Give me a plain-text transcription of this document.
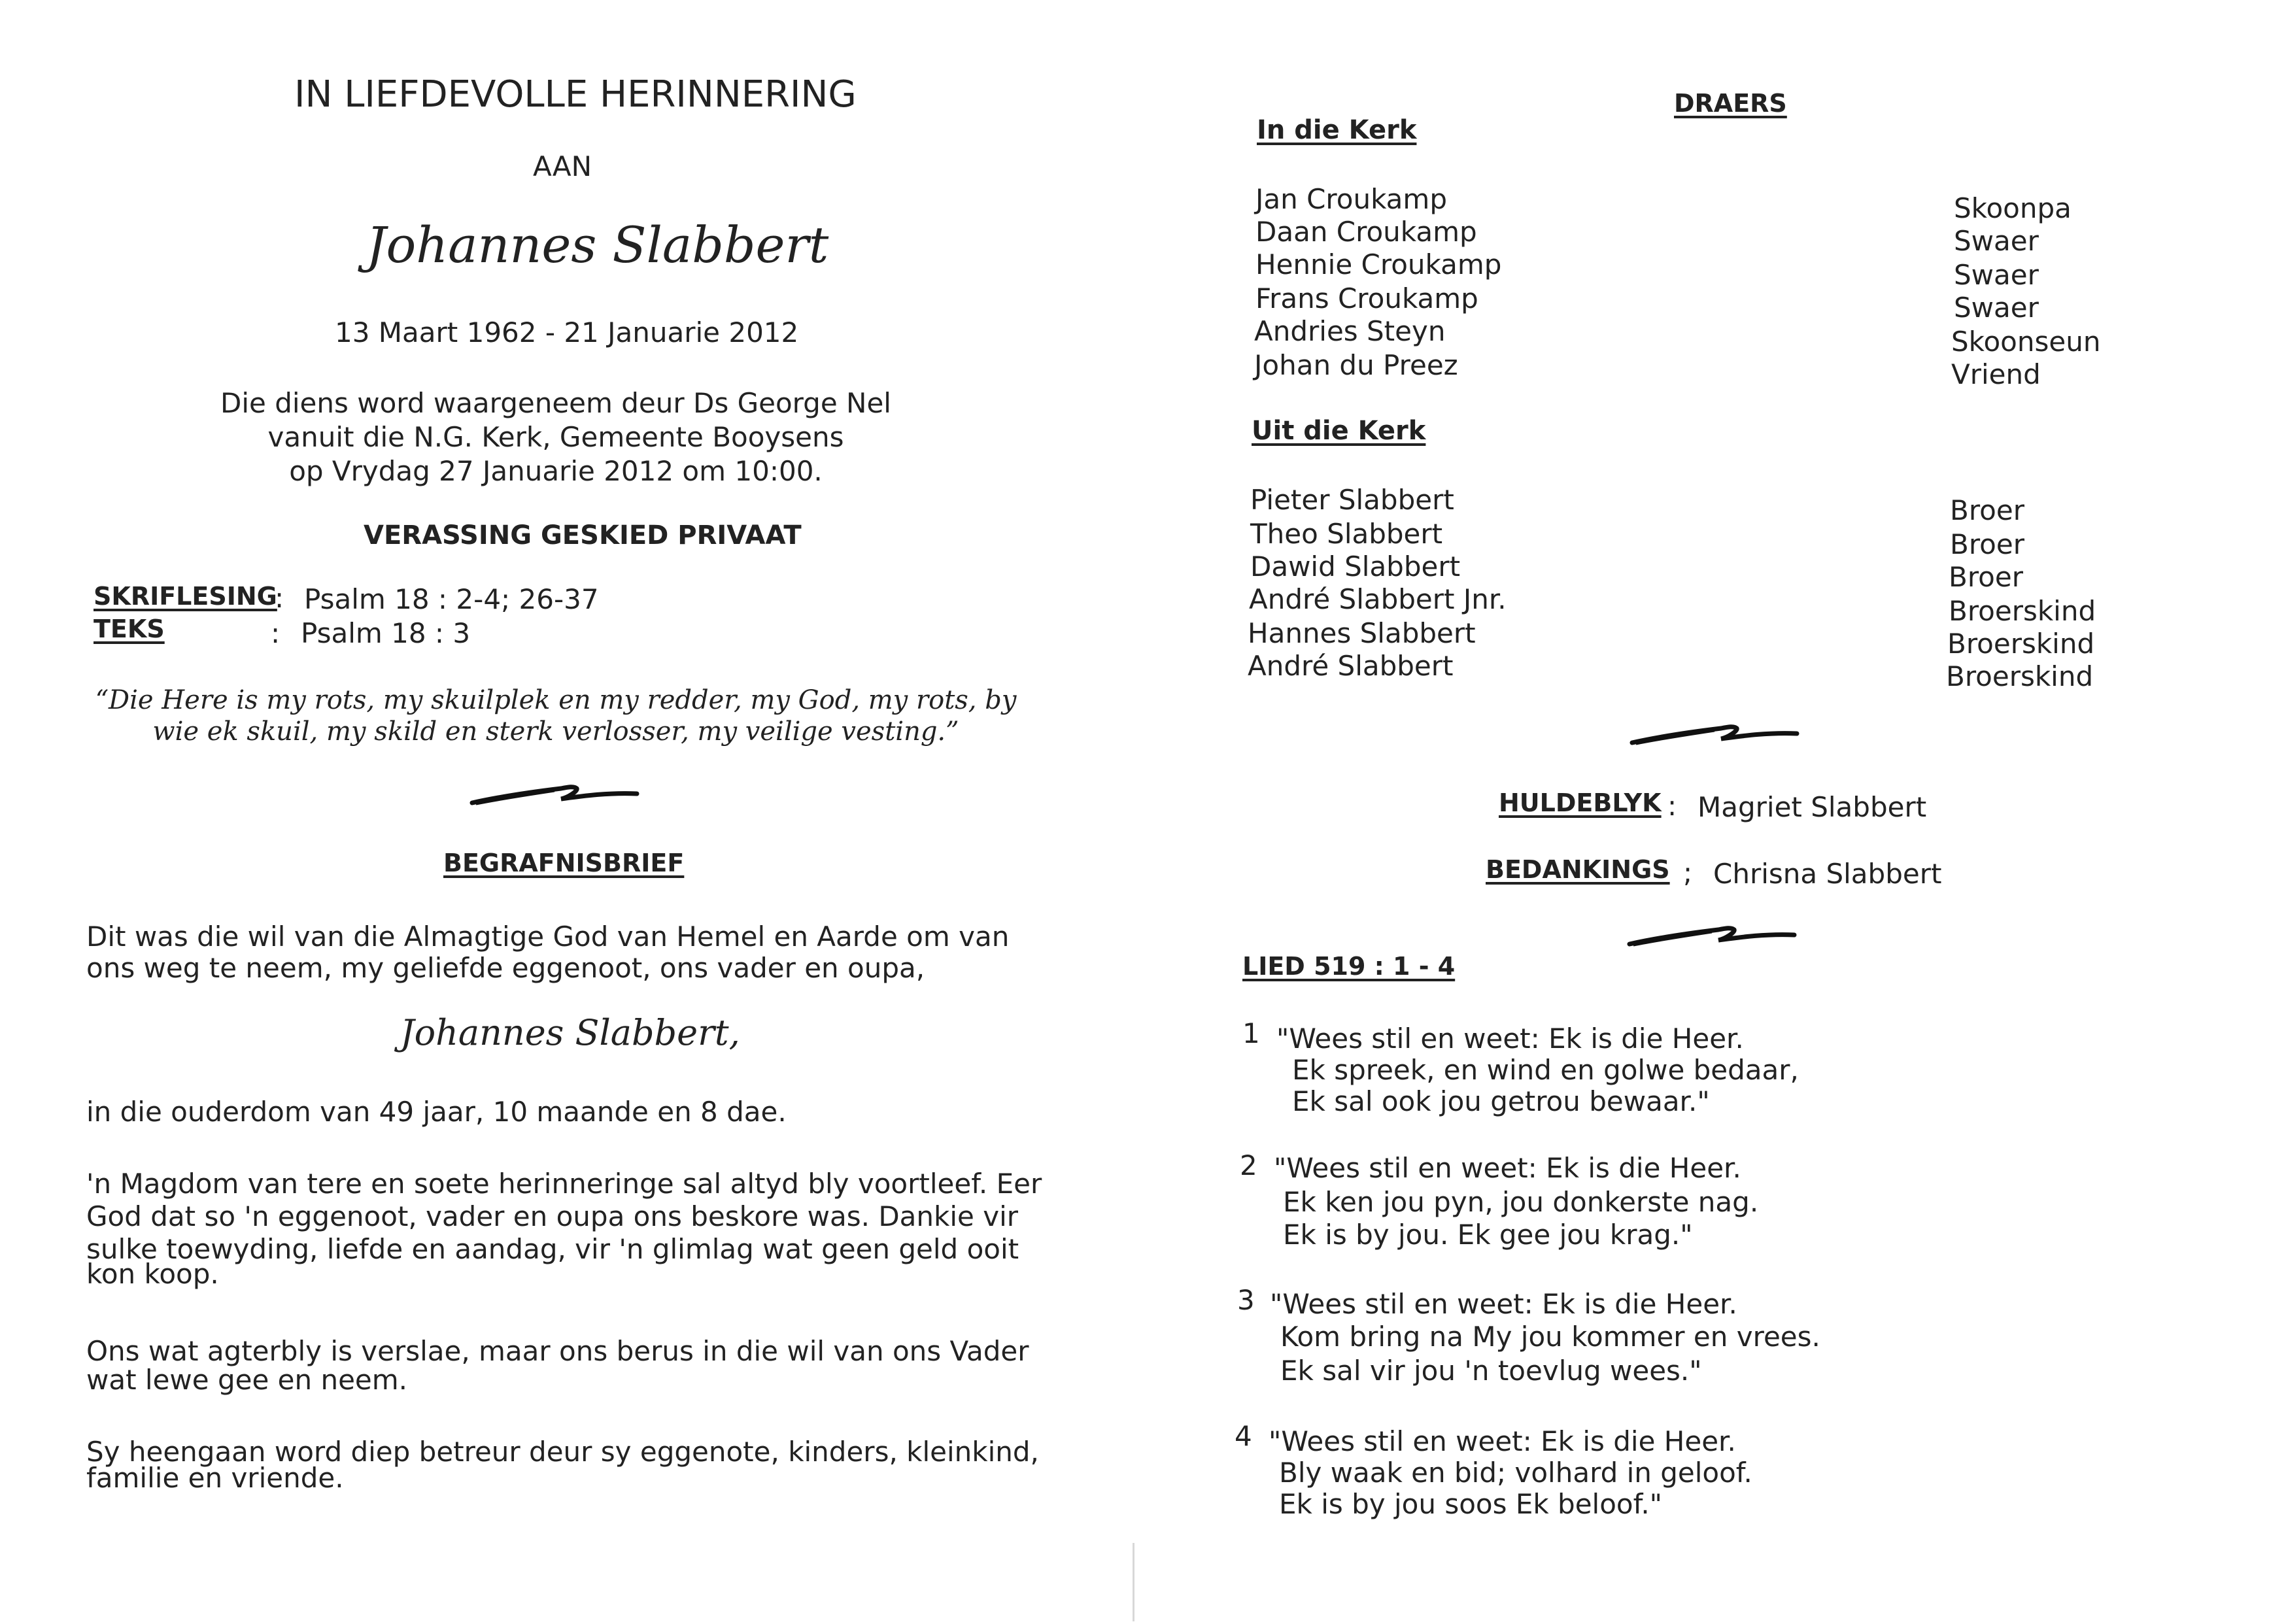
IN LIEFDEVOLLE HERINNERING
AAN
Johannes Slabbert
13 Maart 1962 - 21 Januarie 2012
Die diens word waargeneem deur Ds George Nel
vanuit die N.G. Kerk, Gemeente Booysens
op Vrydag 27 Januarie 2012 om 10:00.
VERASSING GESKIED PRIVAAT
SKRIFLESING
: Psalm 18 : 2-4; 26-37
TEKS	: Psalm 18 : 3
“Die Here is my rots, my skuilplek en my redder, my God, my rots, by
wie ek skuil, my skild en sterk verlosser, my veilige vesting.”
BEGRAFNISBRIEF
Dit was die wil van die Almagtige God van Hemel en Aarde om van
ons weg te neem, my geliefde eggenoot, ons vader en oupa,
Johannes Slabbert,
in die ouderdom van 49 jaar, 10 maande en 8 dae.
'n Magdom van tere en soete herinneringe sal altyd bly voortleef. Eer
God dat so 'n eggenoot, vader en oupa ons beskore was. Dankie vir
sulke toewyding, liefde en aandag, vir 'n glimlag wat geen geld ooit
kon koop.
Ons wat agterbly is verslae, maar ons berus in die wil van ons Vader
wat lewe gee en neem.
Sy heengaan word diep betreur deur sy eggenote, kinders, kleinkind,
familie en vriende.
DRAERS
In die Kerk
Jan Croukamp
Daan Croukamp
Hennie Croukamp
Frans Croukamp
Andries Steyn
Johan du Preez
Skoonpa
Swaer
Swaer
Swaer
Skoonseun
Vriend
Uit die Kerk
Pieter Slabbert
Theo Slabbert
Dawid Slabbert
André Slabbert Jnr.
Hannes Slabbert
André Slabbert
Broer
Broer
Broer
Broerskind
Broerskind
Broerskind
HULDEBLYK : Magriet Slabbert
BEDANKINGS ; Chrisna Slabbert
LIED 519 : 1 - 4
1 "Wees stil en weet: Ek is die Heer.
Ek spreek, en wind en golwe bedaar,
Ek sal ook jou getrou bewaar."
2 "Wees stil en weet: Ek is die Heer.
Ek ken jou pyn, jou donkerste nag.
Ek is by jou. Ek gee jou krag."
3 "Wees stil en weet: Ek is die Heer.
Kom bring na My jou kommer en vrees.
Ek sal vir jou 'n toevlug wees."
4 "Wees stil en weet: Ek is die Heer.
Bly waak en bid; volhard in geloof.
Ek is by jou soos Ek beloof."
